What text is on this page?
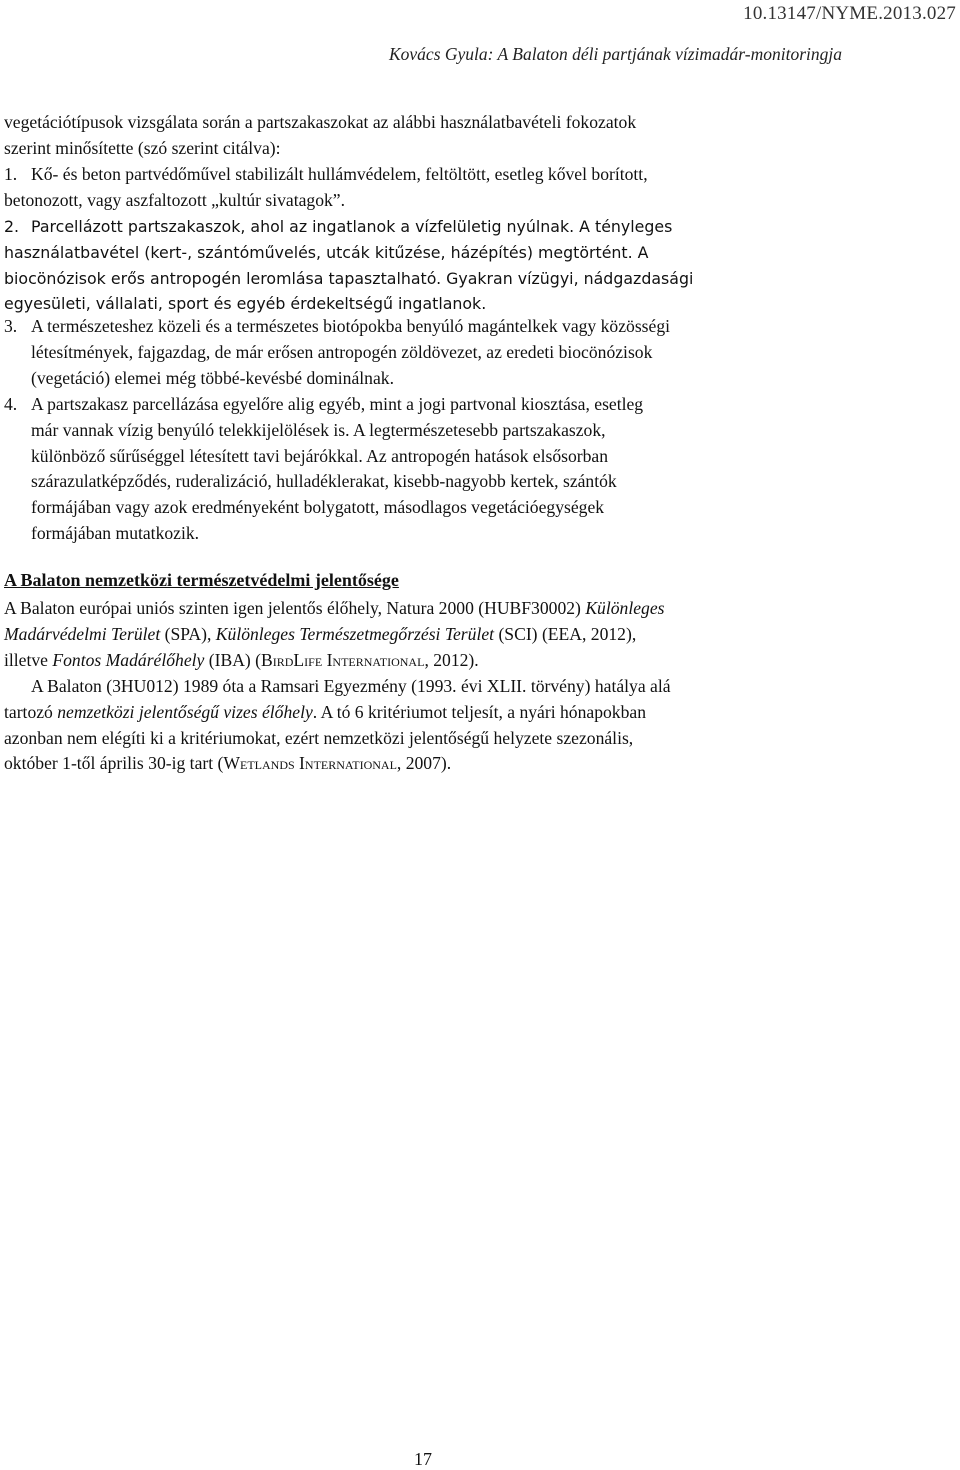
10.13147/NYME.2013.027
Kovács Gyula: A Balaton déli partjának vízimadár-monitoringja
vegetációtípusok vizsgálata során a partszakaszokat az alábbi használatbavételi fokozatok
szerint minősítette (szó szerint citálva):
1. Kő- és beton partvédőművel stabilizált hullámvédelem, feltöltött, esetleg kővel borított,
betonozott, vagy aszfaltozott „kultúr sivatagok”.
2. Parcellázott partszakaszok, ahol az ingatlanok a vízfelületig nyúlnak. A tényleges
használatbavétel (kert-, szántóművelés, utcák kitűzése, házépítés) megtörtént. A
biocönózisok erős antropogén leromlása tapasztalható. Gyakran vízügyi, nádgazdasági
egyesületi, vállalati, sport és egyéb érdekeltségű ingatlanok.
3. A természeteshez közeli és a természetes biotópokba benyúló magántelkek vagy közösségi
létesítmények, fajgazdag, de már erősen antropogén zöldövezet, az eredeti biocönózisok
(vegetáció) elemei még többé-kevésbé dominálnak.
4. A partszakasz parcellázása egyelőre alig egyéb, mint a jogi partvonal kiosztása, esetleg
már vannak vízig benyúló telekkijelölések is. A legtermészetesebb partszakaszok,
különböző sűrűséggel létesített tavi bejárókkal. Az antropogén hatások elsősorban
szárazulatképződés, ruderalizáció, hulladéklerakat, kisebb-nagyobb kertek, szántók
formájában vagy azok eredményeként bolygatott, másodlagos vegetációegységek
formájában mutatkozik.
A Balaton nemzetközi természetvédelmi jelentősége
A Balaton európai uniós szinten igen jelentős élőhely, Natura 2000 (HUBF30002) Különleges
Madárvédelmi Terület (SPA), Különleges Természetmegőrzési Terület (SCI) (EEA, 2012),
illetve Fontos Madárélőhely (IBA) (BirdLife International, 2012).
A Balaton (3HU012) 1989 óta a Ramsari Egyezmény (1993. évi XLII. törvény) hatálya alá
tartozó nemzetközi jelentőségű vizes élőhely. A tó 6 kritériumot teljesít, a nyári hónapokban
azonban nem elégíti ki a kritériumokat, ezért nemzetközi jelentőségű helyzete szezonális,
október 1-től április 30-ig tart (Wetlands International, 2007).
17
